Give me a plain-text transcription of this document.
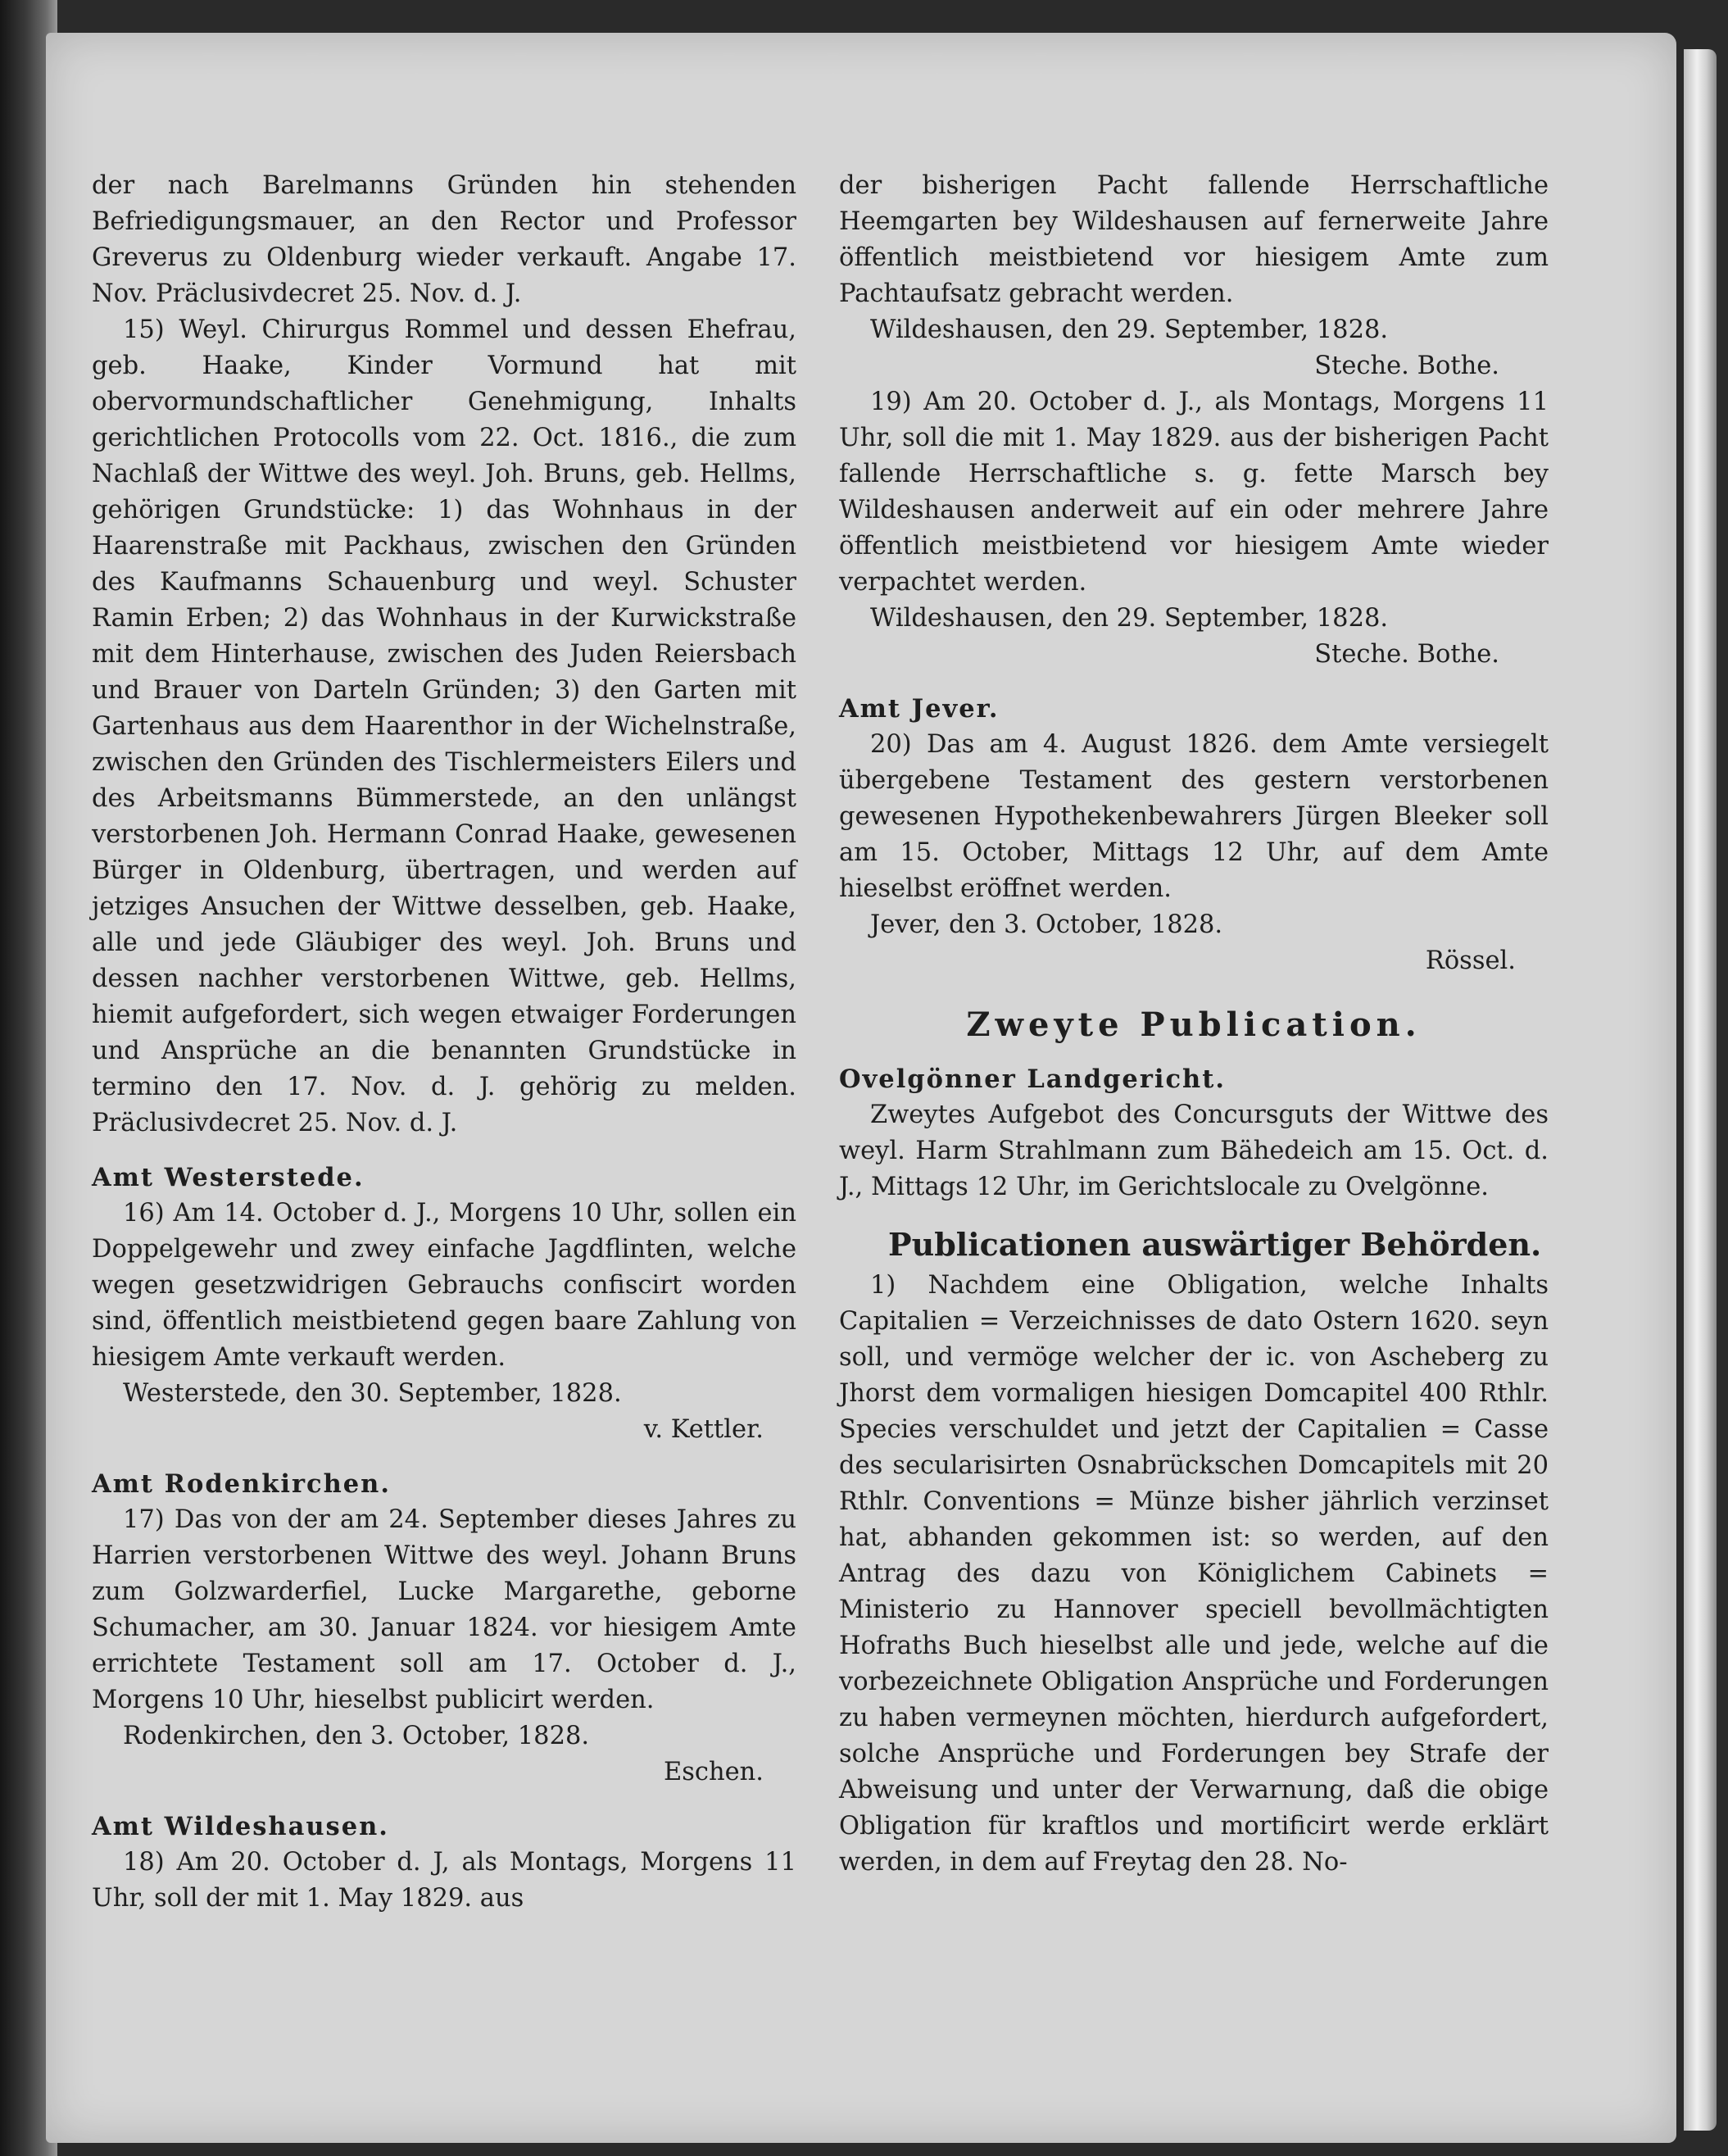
der nach Barelmanns Gründen hin stehenden Befriedigungsmauer, an den Rector und Professor Greverus zu Oldenburg wieder verkauft. Angabe 17. Nov. Präclusivdecret 25. Nov. d. J.

15) Weyl. Chirurgus Rommel und dessen Ehefrau, geb. Haake, Kinder Vormund hat mit obervormundschaftlicher Genehmigung, Inhalts gerichtlichen Protocolls vom 22. Oct. 1816., die zum Nachlaß der Wittwe des weyl. Joh. Bruns, geb. Hellms, gehörigen Grundstücke: 1) das Wohnhaus in der Haarenstraße mit Packhaus, zwischen den Gründen des Kaufmanns Schauenburg und weyl. Schuster Ramin Erben; 2) das Wohnhaus in der Kurwickstraße mit dem Hinterhause, zwischen des Juden Reiersbach und Brauer von Darteln Gründen; 3) den Garten mit Gartenhaus aus dem Haarenthor in der Wichelnstraße, zwischen den Gründen des Tischlermeisters Eilers und des Arbeitsmanns Bümmerstede, an den unlängst verstorbenen Joh. Hermann Conrad Haake, gewesenen Bürger in Oldenburg, übertragen, und werden auf jetziges Ansuchen der Wittwe desselben, geb. Haake, alle und jede Gläubiger des weyl. Joh. Bruns und dessen nachher verstorbenen Wittwe, geb. Hellms, hiemit aufgefordert, sich wegen etwaiger Forderungen und Ansprüche an die benannten Grundstücke in termino den 17. Nov. d. J. gehörig zu melden. Präclusivdecret 25. Nov. d. J.

Amt Westerstede.

16) Am 14. October d. J., Morgens 10 Uhr, sollen ein Doppelgewehr und zwey einfache Jagdflinten, welche wegen gesetzwidrigen Gebrauchs confiscirt worden sind, öffentlich meistbietend gegen baare Zahlung von hiesigem Amte verkauft werden.

Westerstede, den 30. September, 1828.

v. Kettler.

Amt Rodenkirchen.

17) Das von der am 24. September dieses Jahres zu Harrien verstorbenen Wittwe des weyl. Johann Bruns zum Golzwarderfiel, Lucke Margarethe, geborne Schumacher, am 30. Januar 1824. vor hiesigem Amte errichtete Testament soll am 17. October d. J., Morgens 10 Uhr, hieselbst publicirt werden.

Rodenkirchen, den 3. October, 1828.

Eschen.

Amt Wildeshausen.

18) Am 20. October d. J, als Montags, Morgens 11 Uhr, soll der mit 1. May 1829. aus

der bisherigen Pacht fallende Herrschaftliche Heemgarten bey Wildeshausen auf fernerweite Jahre öffentlich meistbietend vor hiesigem Amte zum Pachtaufsatz gebracht werden.

Wildeshausen, den 29. September, 1828.

Steche. Bothe.

19) Am 20. October d. J., als Montags, Morgens 11 Uhr, soll die mit 1. May 1829. aus der bisherigen Pacht fallende Herrschaftliche s. g. fette Marsch bey Wildeshausen anderweit auf ein oder mehrere Jahre öffentlich meistbietend vor hiesigem Amte wieder verpachtet werden.

Wildeshausen, den 29. September, 1828.

Steche. Bothe.

Amt Jever.

20) Das am 4. August 1826. dem Amte versiegelt übergebene Testament des gestern verstorbenen gewesenen Hypothekenbewahrers Jürgen Bleeker soll am 15. October, Mittags 12 Uhr, auf dem Amte hieselbst eröffnet werden.

Jever, den 3. October, 1828.

Rössel.

Zweyte Publication.

Ovelgönner Landgericht.

Zweytes Aufgebot des Concursguts der Wittwe des weyl. Harm Strahlmann zum Bähedeich am 15. Oct. d. J., Mittags 12 Uhr, im Gerichtslocale zu Ovelgönne.

Publicationen auswärtiger Behörden.

1) Nachdem eine Obligation, welche Inhalts Capitalien = Verzeichnisses de dato Ostern 1620. seyn soll, und vermöge welcher der ic. von Ascheberg zu Jhorst dem vormaligen hiesigen Domcapitel 400 Rthlr. Species verschuldet und jetzt der Capitalien = Casse des secularisirten Osnabrückschen Domcapitels mit 20 Rthlr. Conventions = Münze bisher jährlich verzinset hat, abhanden gekommen ist: so werden, auf den Antrag des dazu von Königlichem Cabinets = Ministerio zu Hannover speciell bevollmächtigten Hofraths Buch hieselbst alle und jede, welche auf die vorbezeichnete Obligation Ansprüche und Forderungen zu haben vermeynen möchten, hierdurch aufgefordert, solche Ansprüche und Forderungen bey Strafe der Abweisung und unter der Verwarnung, daß die obige Obligation für kraftlos und mortificirt werde erklärt werden, in dem auf Freytag den 28. No-
